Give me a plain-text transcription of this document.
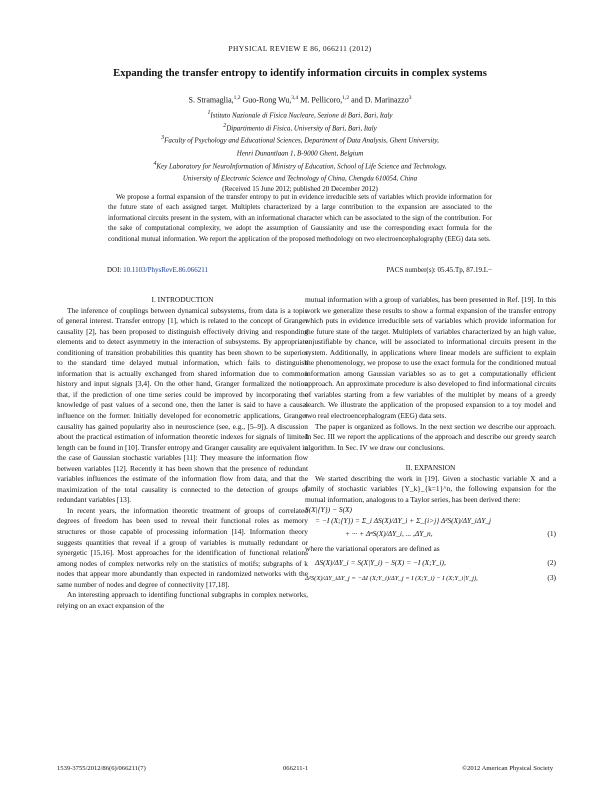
PHYSICAL REVIEW E 86, 066211 (2012)
Expanding the transfer entropy to identify information circuits in complex systems
S. Stramaglia,$^{1,2}$ Guo-Rong Wu,$^{3,4}$ M. Pellicoro,$^{1,2}$ and D. Marinazzo$^3$
$^1$Istituto Nazionale di Fisica Nucleare, Sezione di Bari, Bari, Italy
$^2$Dipartimento di Fisica, University of Bari, Bari, Italy
$^3$Faculty of Psychology and Educational Sciences, Department of Data Analysis, Ghent University,
Henri Dunantlaan 1, B-9000 Ghent, Belgium
$^4$Key Laboratory for NeuroInformation of Ministry of Education, School of Life Science and Technology,
University of Electronic Science and Technology of China, Chengdu 610054, China
(Received 15 June 2012; published 20 December 2012)
We propose a formal expansion of the transfer entropy to put in evidence irreducible sets of variables which provide information for the future state of each assigned target. Multiplets characterized by a large contribution to the expansion are associated to the informational circuits present in the system, with an informational character which can be associated to the sign of the contribution. For the sake of computational complexity, we adopt the assumption of Gaussianity and use the corresponding exact formula for the conditional mutual information. We report the application of the proposed methodology on two electroencephalography (EEG) data sets.
DOI: 10.1103/PhysRevE.86.066211	PACS number(s): 05.45.Tp, 87.19.L−

I. INTRODUCTION

The inference of couplings between dynamical subsystems, from data is a topic of general interest. Transfer entropy [1], which is related to the concept of Granger causality [2], has been proposed to distinguish effectively driving and responding elements and to detect asymmetry in the interaction of subsystems. By appropriate conditioning of transition probabilities this quantity has been shown to be superior to the standard time delayed mutual information, which fails to distinguish information that is actually exchanged from shared information due to common history and input signals [3,4]. On the other hand, Granger formalized the notion that, if the prediction of one time series could be improved by incorporating the knowledge of past values of a second one, then the latter is said to have a causal influence on the former. Initially developed for econometric applications, Granger causality has gained popularity also in neuroscience (see, e.g., [5–9]). A discussion about the practical estimation of information theoretic indexes for signals of limited length can be found in [10]. Transfer entropy and Granger causality are equivalent in the case of Gaussian stochastic variables [11]: They measure the information flow between variables [12]. Recently it has been shown that the presence of redundant variables influences the estimate of the information flow from data, and that the maximization of the total causality is connected to the detection of groups of redundant variables [13].

In recent years, the information theoretic treatment of groups of correlated degrees of freedom has been used to reveal their functional roles as memory structures or those capable of processing information [14]. Information theory suggests quantities that reveal if a group of variables is mutually redundant or synergetic [15,16]. Most approaches for the identification of functional relations among nodes of complex networks rely on the statistics of motifs; subgraphs of k nodes that appear more abundantly than expected in randomized networks with the same number of nodes and degree of connectivity [17,18].

An interesting approach to identifing functional subgraphs in complex networks, relying on an exact expansion of the

mutual information with a group of variables, has been presented in Ref. [19]. In this work we generalize these results to show a formal expansion of the transfer entropy which puts in evidence irreducible sets of variables which provide information for the future state of the target. Multiplets of variables characterized by an high value, unjustifiable by chance, will be associated to informational circuits present in the system. Additionally, in applications where linear models are sufficient to explain the phenomenology, we propose to use the exact formula for the conditioned mutual information among Gaussian variables so as to get a computationally efficient approach. An approximate procedure is also developed to find informational circuits of variables starting from a few variables of the multiplet by means of a greedy search. We illustrate the application of the proposed expansion to a toy model and two real electroencephalogram (EEG) data sets.

The paper is organized as follows. In the next section we describe our approach. In Sec. III we report the applications of the approach and describe our greedy search algorithm. In Sec. IV we draw our conclusions.

II. EXPANSION

We started describing the work in [19]. Given a stochastic variable X and a family of stochastic variables {Y_k}_{k=1}^n, the following expansion for the mutual information, analogous to a Taylor series, has been derived there:

S(X|{Y}) − S(X)
= −I (X;{Y}) = Σ_i ΔS(X)/ΔY_i + Σ_{i>j} Δ²S(X)/ΔY_iΔY_j
+ ··· + ΔⁿS(X)/ΔY_i, ... ,ΔY_n,	(1)

where the variational operators are defined as

ΔS(X)/ΔY_i = S(X|Y_i) − S(X) = −I (X;Y_i),	(2)
Δ²S(X)/ΔY_iΔY_j = −ΔI (X;Y_i)/ΔY_j = I (X;Y_i) − I (X;Y_i|Y_j),	(3)
1539-3755/2012/86(6)/066211(7)	066211-1	©2012 American Physical Society
